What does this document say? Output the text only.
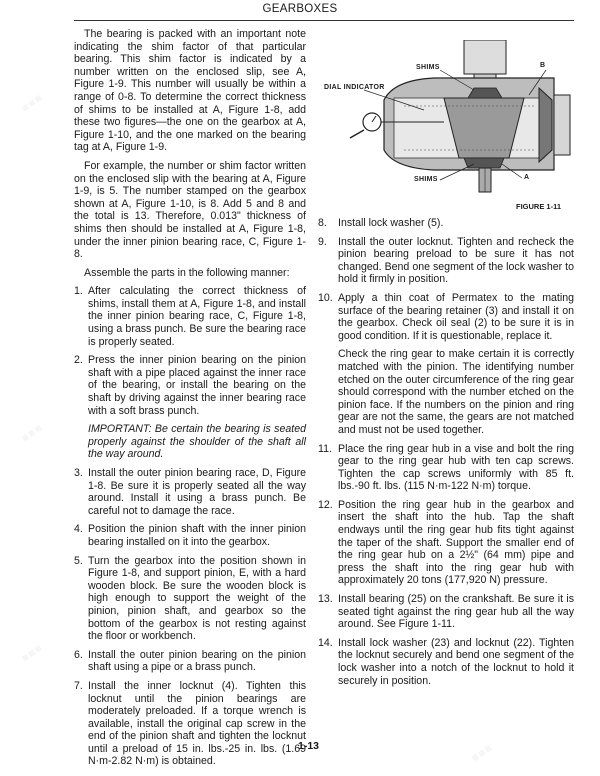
▪▪▪
▪▪▪
▪▪▪
▪▪▪
GEARBOXES

The bearing is packed with an important note indicating the shim factor of that particular bearing. This shim factor is indicated by a number written on the enclosed slip, see A, Figure 1-9. This number will usually be within a range of 0-8. To determine the correct thickness of shims to be installed at A, Figure 1-8, add these two figures—the one on the gearbox at A, Figure 1-10, and the one marked on the bearing tag at A, Figure 1-9.

For example, the number or shim factor written on the enclosed slip with the bearing at A, Figure 1-9, is 5. The number stamped on the gearbox shown at A, Figure 1-10, is 8. Add 5 and 8 and the total is 13. Therefore, 0.013" thickness of shims then should be installed at A, Figure 1-8, under the inner pinion bearing race, C, Figure 1-8.

Assemble the parts in the following manner:

1. After calculating the correct thickness of shims, install them at A, Figure 1-8, and install the inner pinion bearing race, C, Figure 1-8, using a brass punch. Be sure the bearing race is properly seated.
2. Press the inner pinion bearing on the pinion shaft with a pipe placed against the inner race of the bearing, or install the bearing on the shaft by driving against the inner bearing race with a soft brass punch.

IMPORTANT: Be certain the bearing is seated properly against the shoulder of the shaft all the way around.

3. Install the outer pinion bearing race, D, Figure 1-8. Be sure it is properly seated all the way around. Install it using a brass punch. Be careful not to damage the race.
4. Position the pinion shaft with the inner pinion bearing installed on it into the gearbox.
5. Turn the gearbox into the position shown in Figure 1-8, and support pinion, E, with a hard wooden block. Be sure the wooden block is high enough to support the weight of the pinion, pinion shaft, and gearbox so the bottom of the gearbox is not resting against the floor or workbench.
6. Install the outer pinion bearing on the pinion shaft using a pipe or a brass punch.
7. Install the inner locknut (4). Tighten this locknut until the pinion bearings are moderately preloaded. If a torque wrench is available, install the original cap screw in the end of the pinion shaft and tighten the locknut until a preload of 15 in. lbs.-25 in. lbs. (1.69 N·m-2.82 N·m) is obtained.
SHIMS	B
DIAL INDICATOR
SHIMS	A
FIGURE 1-11
8.	Install lock washer (5).
9.	Install the outer locknut. Tighten and recheck the pinion bearing preload to be sure it has not changed. Bend one segment of the lock washer to hold it firmly in position.
10. Apply a thin coat of Permatex to the mating surface of the bearing retainer (3) and install it on the gearbox. Check oil seal (2) to be sure it is in good condition. If it is questionable, replace it.

Check the ring gear to make certain it is correctly matched with the pinion. The identifying number etched on the outer circumference of the ring gear should correspond with the number etched on the pinion face. If the numbers on the pinion and ring gear are not the same, the gears are not matched and must not be used together.

11. Place the ring gear hub in a vise and bolt the ring gear to the ring gear hub with ten cap screws. Tighten the cap screws uniformly with 85 ft. lbs.-90 ft. lbs. (115 N·m-122 N·m) torque.
12. Position the ring gear hub in the gearbox and insert the shaft into the hub. Tap the shaft endways until the ring gear hub fits tight against the taper of the shaft. Support the smaller end of the ring gear hub on a 2½" (64 mm) pipe and press the shaft into the ring gear hub with approximately 20 tons (177,920 N) pressure.
13. Install bearing (25) on the crankshaft. Be sure it is seated tight against the ring gear hub all the way around. See Figure 1-11.
14. Install lock washer (23) and locknut (22). Tighten the locknut securely and bend one segment of the lock washer into a notch of the locknut to hold it securely in position.
1-13
